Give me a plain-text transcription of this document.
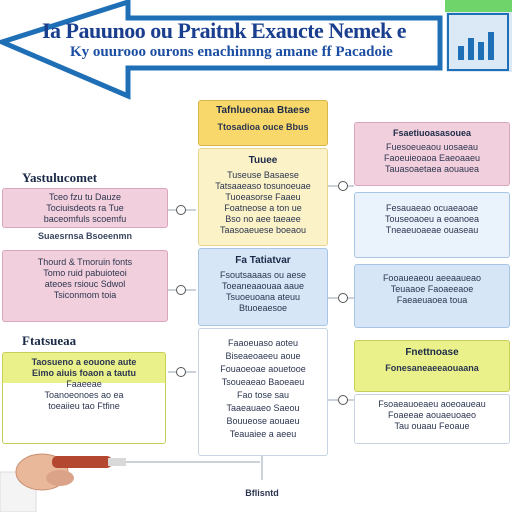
Ia Pauunoo ou Praitnk Exaucte Nemek e
Ky ouurooo ourons enachinnng amane ff Pacadoie
Yastulucomet
Tceo fzu tu Dauze
Tociuisdeots ra Tue
baceomfuls scoemfu
Suaesrnsa Bsoeenmn
Thourd & Tmoruin fonts
Tomo ruid pabuioteoi
ateoes rsiouc Sdwol
Tsiconmom toia
Ftatsueaa
Taosueno a eouone aute
Eimo aiuis foaon a tautu
Faaeeae
Toanoeonoes ao ea
toeaiieu tao Ftfine
Tafnlueonaa Btaese
Ttosadioa ouce Bbus
Tuuee
Tuseuse Basaese
Tatsaaeaso tosunoeuae
Tuoeasorse Faaeu
Foatneose a ton ue
Bso no aee taeaee
Taasoaeuese boeaou
Fa Tatiatvar
Fsoutsaaaas ou aese
Toeaneaaouaa aaue
Tsuoeuoana ateuu
Btuoeaesoe
Faaoeuaso aoteu
Biseaeoaeeu aoue
Fouaoeoae aouetooe
Tsoueaeao Baoeaeu
Fao tose sau
Taaeauaeo Saeou
Bouueose aouaeu
Teauaiee a aeeu
Bflisntd
Fsaetiuoasasouea
Fuesoeueaou uosaeau
Faoeuieoaoa Eaeoaaeu
Tauasoaetaea aouauea
Fesauaeao ocuaeaoae
Touseoaoeu a eoanoea
Tneaeuoaeae ouaseau
Fooaueaeou aeeaaueao
Teuaaoe Faoaeeaoe
Faeaeuaoea toua
Fnettnoase
Fonesaneaeeaouaana
Fsoaeauoeaeu aoeoaueau
Foaeeae aouaeuoaeo
Tau ouaau Feoaue
